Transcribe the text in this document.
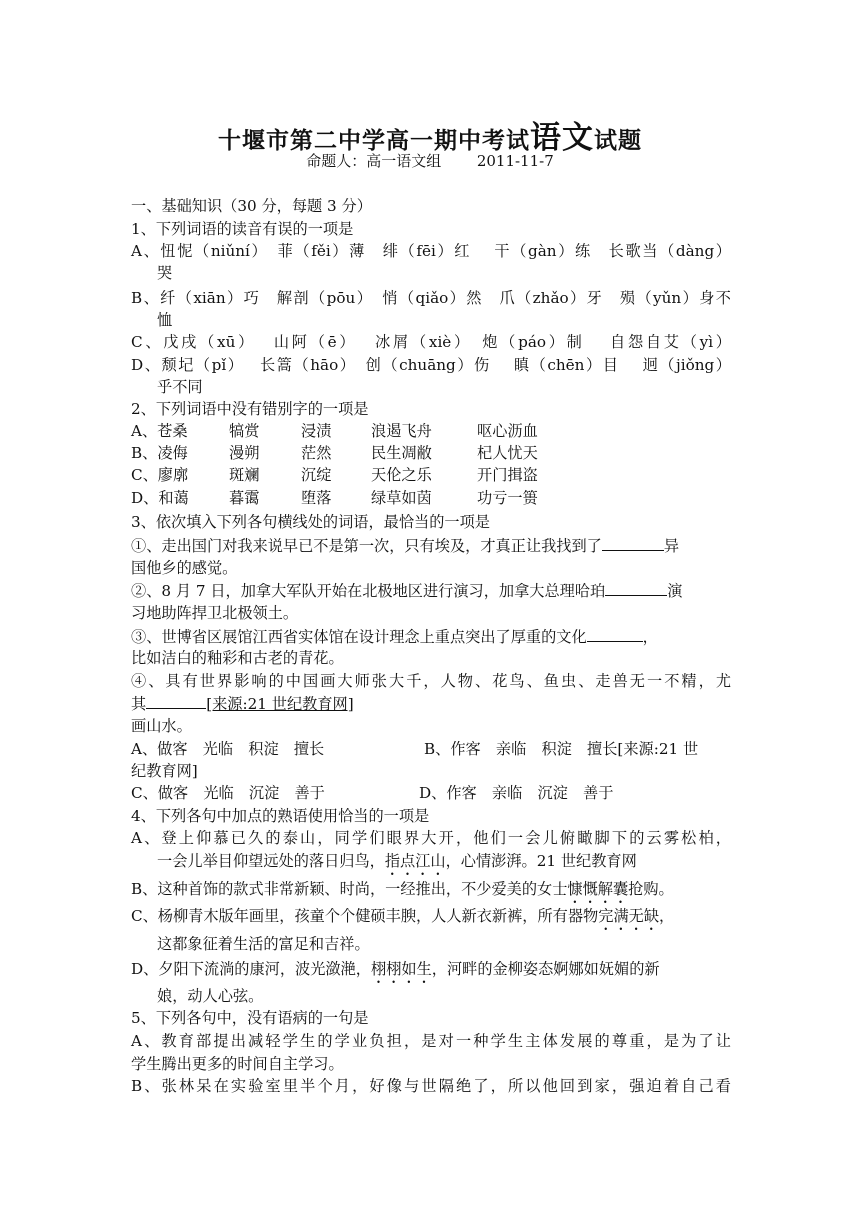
十堰市第二中学高一期中考试语文试题
命题人：高一语文组 2011-11-7
一、基础知识（30 分，每题 3 分）
1、下列词语的读音有误的一项是
A、忸怩（niǔní）　菲（fěi）薄　绯（fēi）红　 干（gàn）练　长歌当（dàng）
哭
B、纤（xiān）巧　解剖（pōu）　悄（qiǎo）然　爪（zhǎo）牙　殒（yǔn）身不
恤
C、戊戌（xū）　 山阿（ē）　 冰屑（xiè）　炮（páo）制　 自怨自艾（yì）
D、颓圮（pǐ）　 长篙（hāo）　创（chuāng）伤　 瞋（chēn）目　 迥（jiǒng）
乎不同
2、下列词语中没有错别字的一项是
A、苍桑	犒赏	浸渍	浪遏飞舟	呕心沥血
B、凌侮	漫朔	茫然	民生凋敝	杞人忧天
C、廖廓	斑斓	沉绽	天伦之乐	开门揖盗
D、和蔼	暮霭	堕落	绿草如茵	功亏一篑
3、依次填入下列各句横线处的词语，最恰当的一项是
①、走出国门对我来说早已不是第一次，只有埃及，才真正让我找到了	异
国他乡的感觉。
②、8 月 7 日，加拿大军队开始在北极地区进行演习，加拿大总理哈珀	演
习地助阵捍卫北极领土。
③、世博省区展馆江西省实体馆在设计理念上重点突出了厚重的文化	，
比如洁白的釉彩和古老的青花。
④、具有世界影响的中国画大师张大千，人物、花鸟、鱼虫、走兽无一不精，尤
其	[来源:21 世纪教育网]
画山水。
A、做客　光临　积淀　擅长	B、作客　亲临　积淀　擅长[来源:21 世
纪教育网]
C、做客　光临　沉淀　善于	D、作客　亲临　沉淀　善于
4、下列各句中加点的熟语使用恰当的一项是
A、登上仰慕已久的泰山，同学们眼界大开，他们一会儿俯瞰脚下的云雾松柏，
一会儿举目仰望远处的落日归鸟，指点江山，心情澎湃。21 世纪教育网
B、这种首饰的款式非常新颖、时尚，一经推出，不少爱美的女士慷慨解囊抢购。
C、杨柳青木版年画里，孩童个个健硕丰腴，人人新衣新裤，所有器物完满无缺，
这都象征着生活的富足和吉祥。
D、夕阳下流淌的康河，波光潋滟，栩栩如生，河畔的金柳姿态婀娜如妩媚的新
娘，动人心弦。
5、下列各句中，没有语病的一句是
A、教育部提出减轻学生的学业负担，是对一种学生主体发展的尊重，是为了让
学生腾出更多的时间自主学习。
B、张林呆在实验室里半个月，好像与世隔绝了，所以他回到家，强迫着自己看
